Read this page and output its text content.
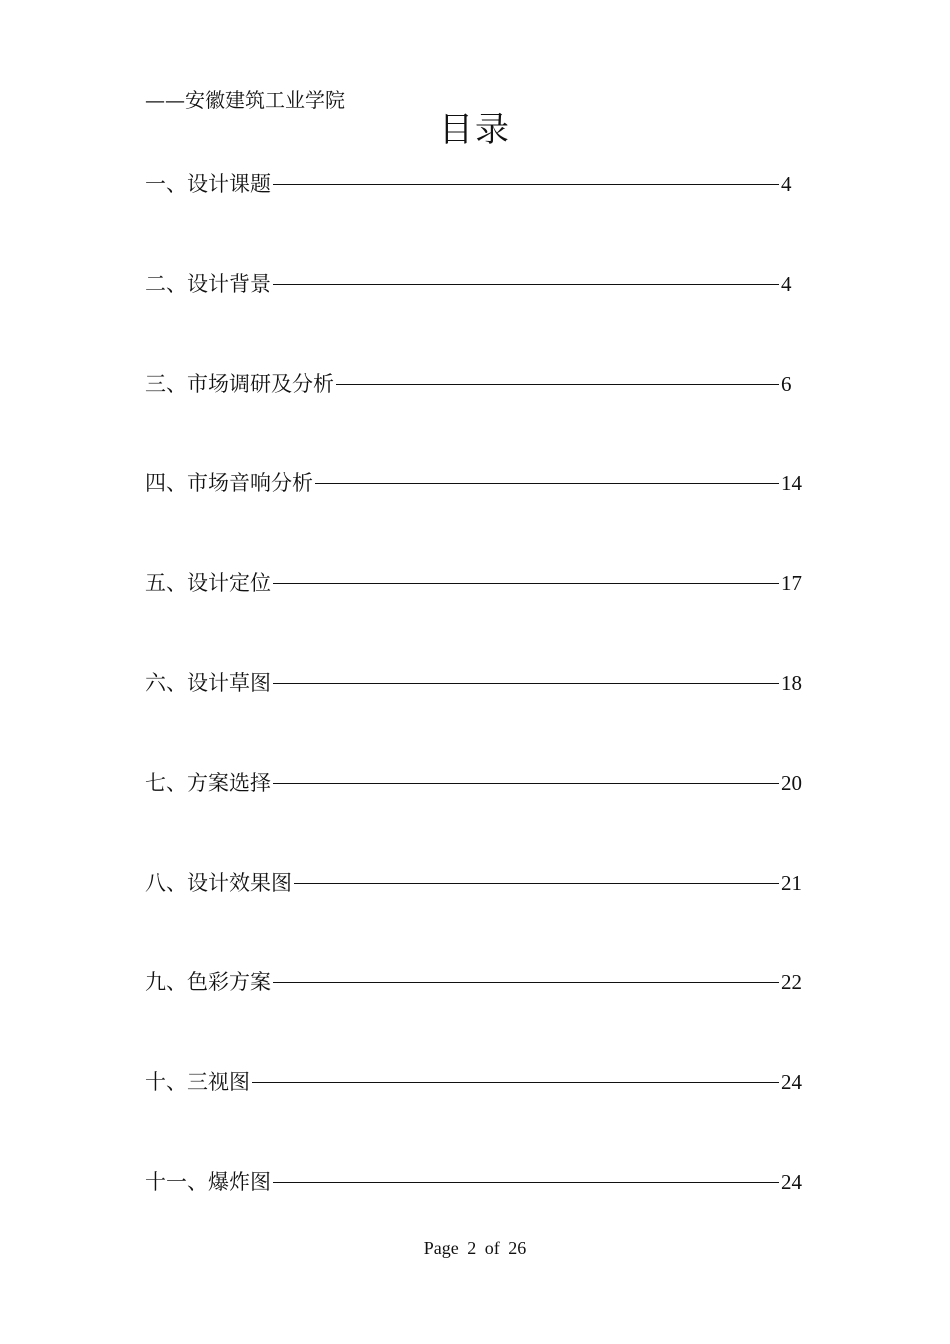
——安徽建筑工业学院
目录
一、设计课题	4
二、设计背景	4
三、市场调研及分析	6
四、市场音响分析	14
五、设计定位	17
六、设计草图	18
七、方案选择	20
八、设计效果图	21
九、色彩方案	22
十、三视图	24
十一、爆炸图	24
Page 2 of 26
